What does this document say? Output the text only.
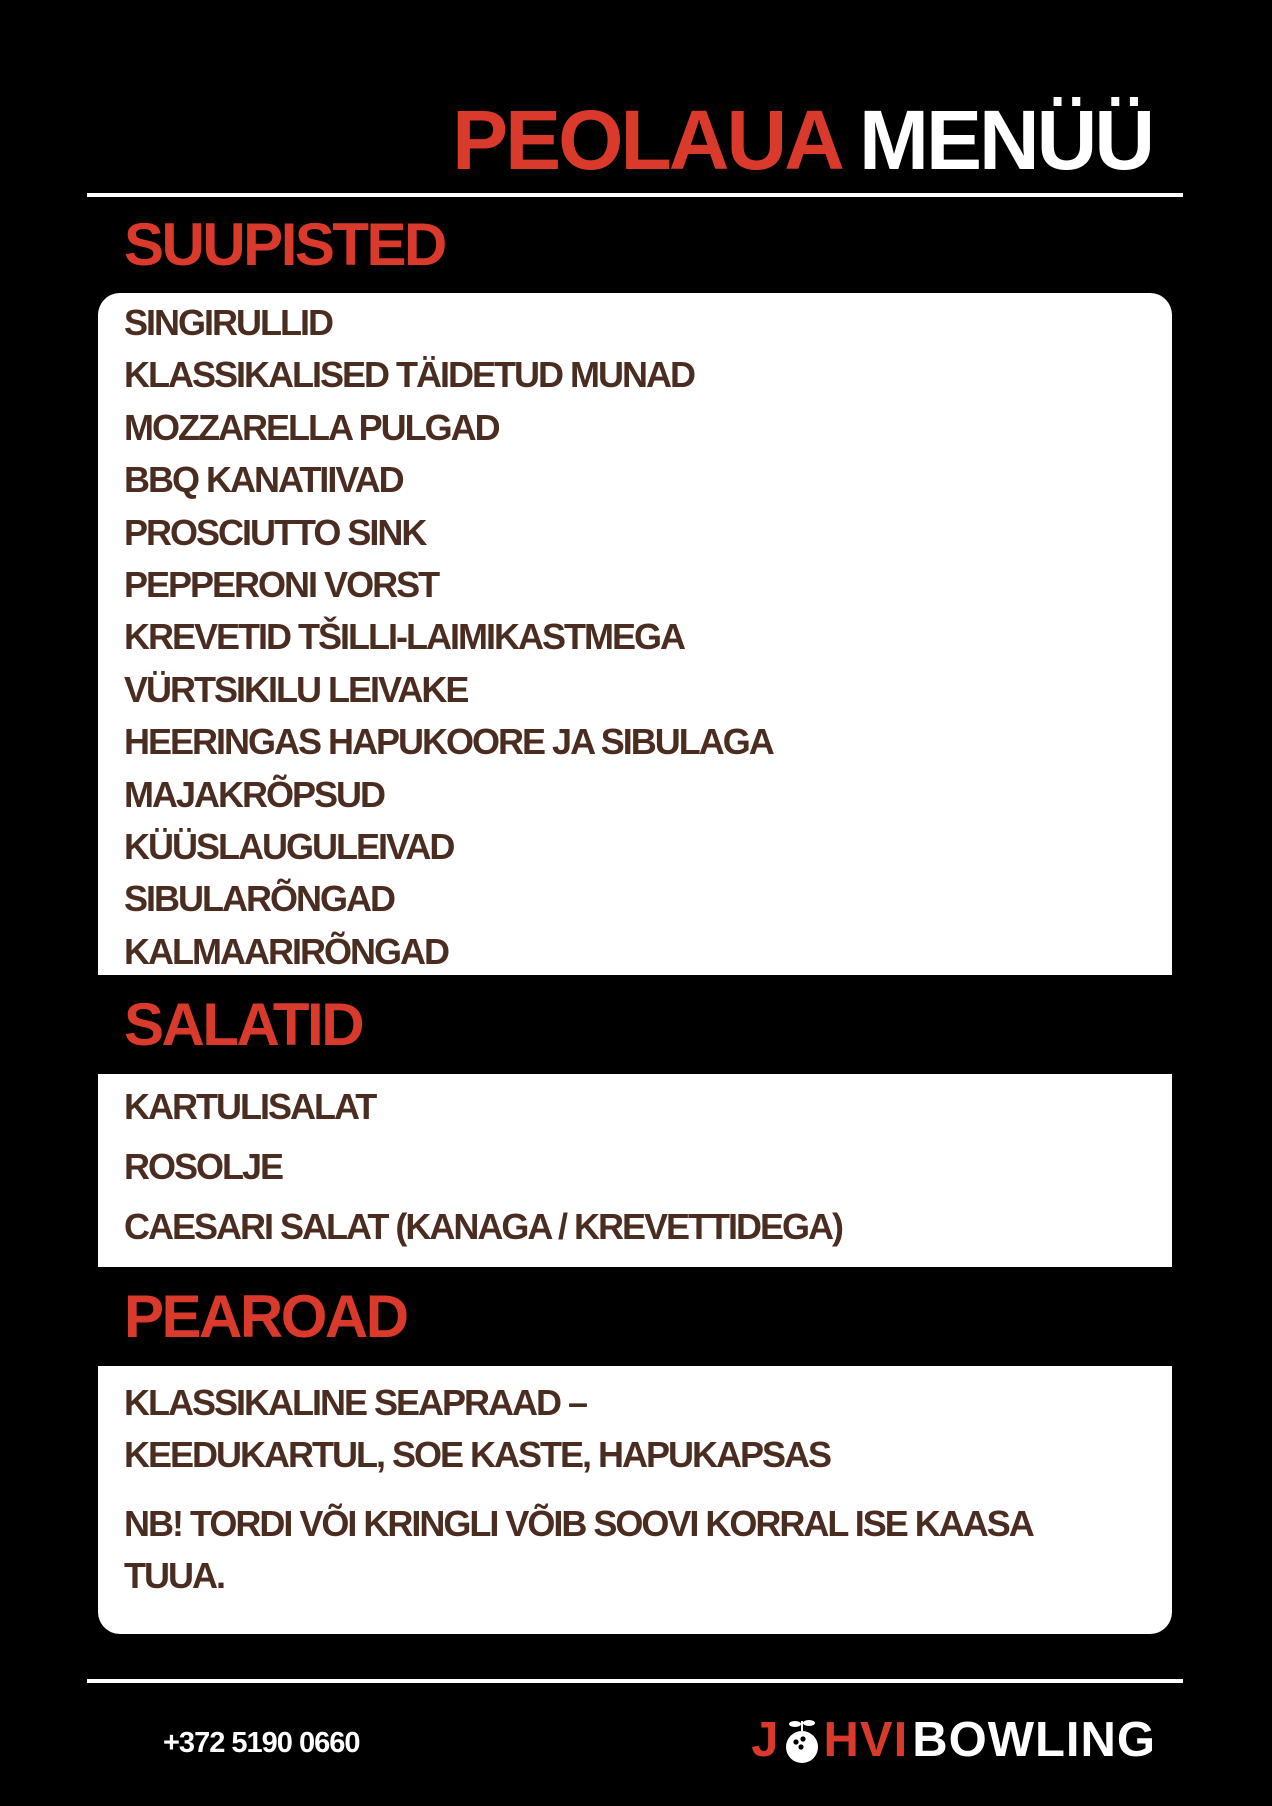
PEOLAUA MENÜÜ
SUUPISTED
SINGIRULLID
KLASSIKALISED TÄIDETUD MUNAD
MOZZARELLA PULGAD
BBQ KANATIIVAD
PROSCIUTTO SINK
PEPPERONI VORST
KREVETID TŠILLI-LAIMIKASTMEGA
VÜRTSIKILU LEIVAKE
HEERINGAS HAPUKOORE JA SIBULAGA
MAJAKRÕPSUD
KÜÜSLAUGULEIVAD
SIBULARÕNGAD
KALMAARIRÕNGAD
SALATID
KARTULISALAT
ROSOLJE
CAESARI SALAT (KANAGA / KREVETTIDEGA)
PEAROAD
KLASSIKALINE SEAPRAAD –
KEEDUKARTUL, SOE KASTE, HAPUKAPSAS
NB! TORDI VÕI KRINGLI VÕIB SOOVI KORRAL ISE KAASA
TUUA.
+372 5190 0660	J HVI BOWLING
